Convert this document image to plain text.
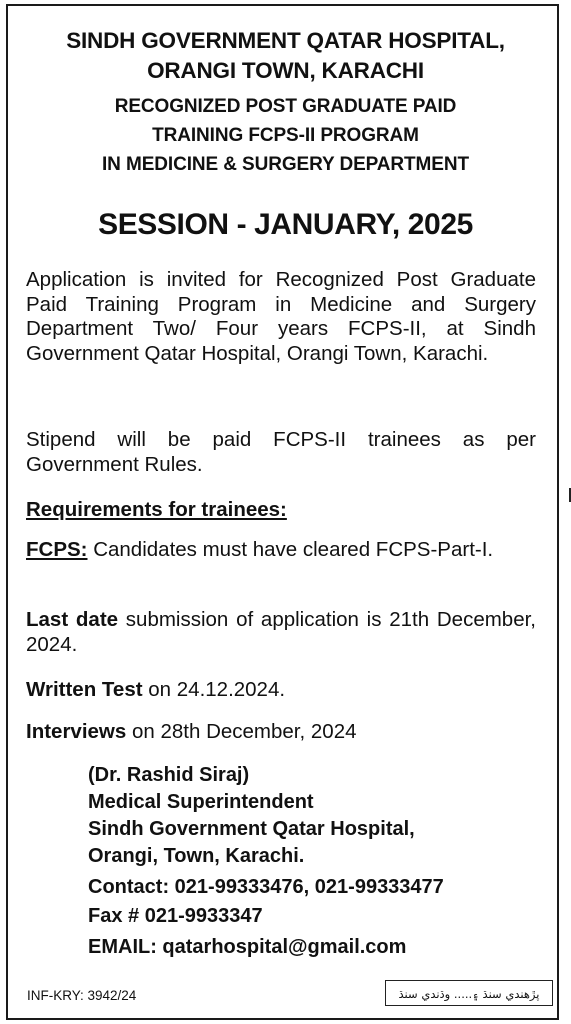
SINDH GOVERNMENT QATAR HOSPITAL,
ORANGI TOWN, KARACHI
RECOGNIZED POST GRADUATE PAID
TRAINING FCPS-II PROGRAM
IN MEDICINE & SURGERY DEPARTMENT
SESSION - JANUARY, 2025
Application is invited for Recognized Post Graduate Paid Training Program in Medicine and Surgery Department Two/ Four years FCPS-II, at Sindh Government Qatar Hospital, Orangi Town, Karachi.
Stipend will be paid FCPS-II trainees as per Government Rules.
Requirements for trainees:
FCPS: Candidates must have cleared FCPS-Part-I.
Last date submission of application is 21th December, 2024.
Written Test on 24.12.2024.
Interviews on 28th December, 2024
(Dr. Rashid Siraj)
Medical Superintendent
Sindh Government Qatar Hospital,
Orangi, Town, Karachi.
Contact: 021-99333476, 021-99333477
Fax # 021-9933347
EMAIL: qatarhospital@gmail.com
INF-KRY: 3942/24	پڙهندي سنڌ ۽..... وڌندي سنڌ
